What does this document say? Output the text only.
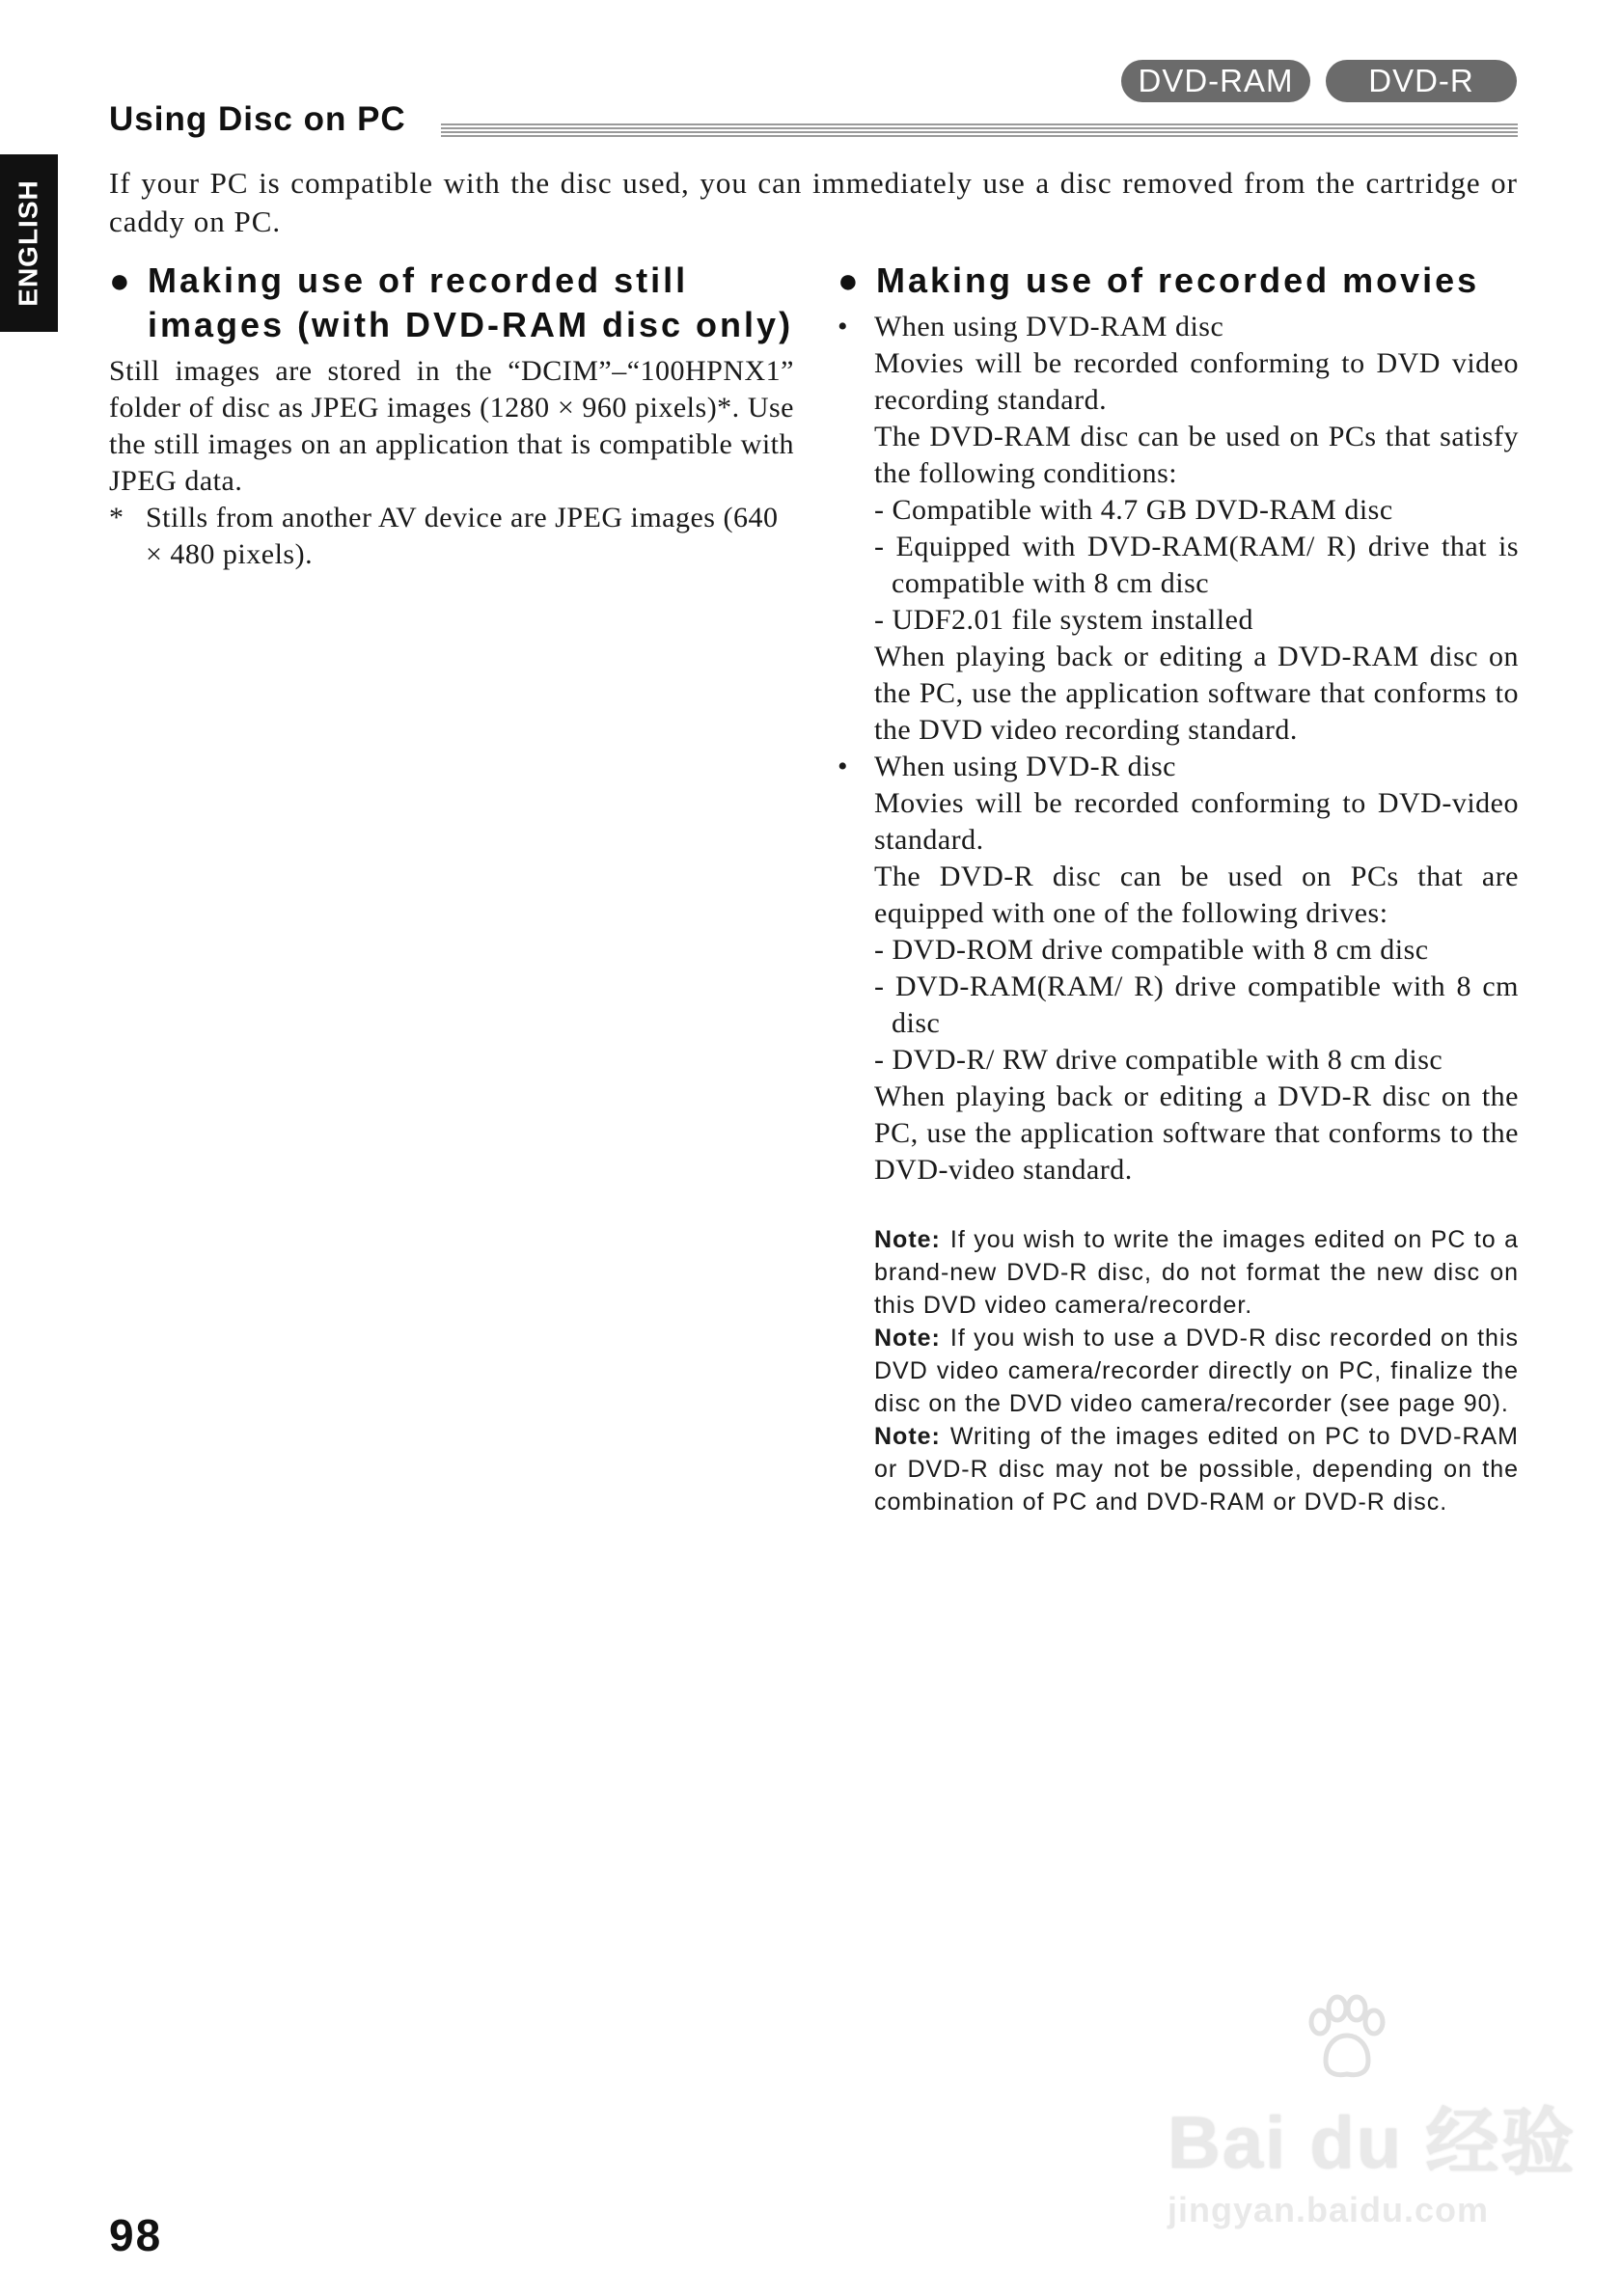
DVD-RAM	DVD-R
Using Disc on PC
ENGLISH If your PC is compatible with the disc used, you can immediately use a disc removed from the cartridge or caddy on PC.

● Making use of recorded still images (with DVD-RAM disc only)

Still images are stored in the “DCIM”–“100HPNX1” folder of disc as JPEG images (1280 × 960 pixels)*. Use the still images on an application that is compatible with JPEG data.

* Stills from another AV device are JPEG images (640 × 480 pixels).
● Making use of recorded movies
• When using DVD-RAM disc

Movies will be recorded conforming to DVD video recording standard.

The DVD-RAM disc can be used on PCs that satisfy the following conditions:

- Compatible with 4.7 GB DVD-RAM disc

- Equipped with DVD-RAM(RAM/ R) drive that is compatible with 8 cm disc

- UDF2.01 file system installed

When playing back or editing a DVD-RAM disc on the PC, use the application software that conforms to the DVD video recording standard.

• When using DVD-R disc

Movies will be recorded conforming to DVD-video standard.

The DVD-R disc can be used on PCs that are equipped with one of the following drives:

- DVD-ROM drive compatible with 8 cm disc

- DVD-RAM(RAM/ R) drive compatible with 8 cm disc

- DVD-R/ RW drive compatible with 8 cm disc

When playing back or editing a DVD-R disc on the PC, use the application software that conforms to the DVD-video standard.

Note: If you wish to write the images edited on PC to a brand-new DVD-R disc, do not format the new disc on this DVD video camera/recorder.

Note: If you wish to use a DVD-R disc recorded on this DVD video camera/recorder directly on PC, finalize the disc on the DVD video camera/recorder (see page 90).

Note: Writing of the images edited on PC to DVD-RAM or DVD-R disc may not be possible, depending on the combination of PC and DVD-RAM or DVD-R disc.

98
Bai du 经验
jingyan.baidu.com
